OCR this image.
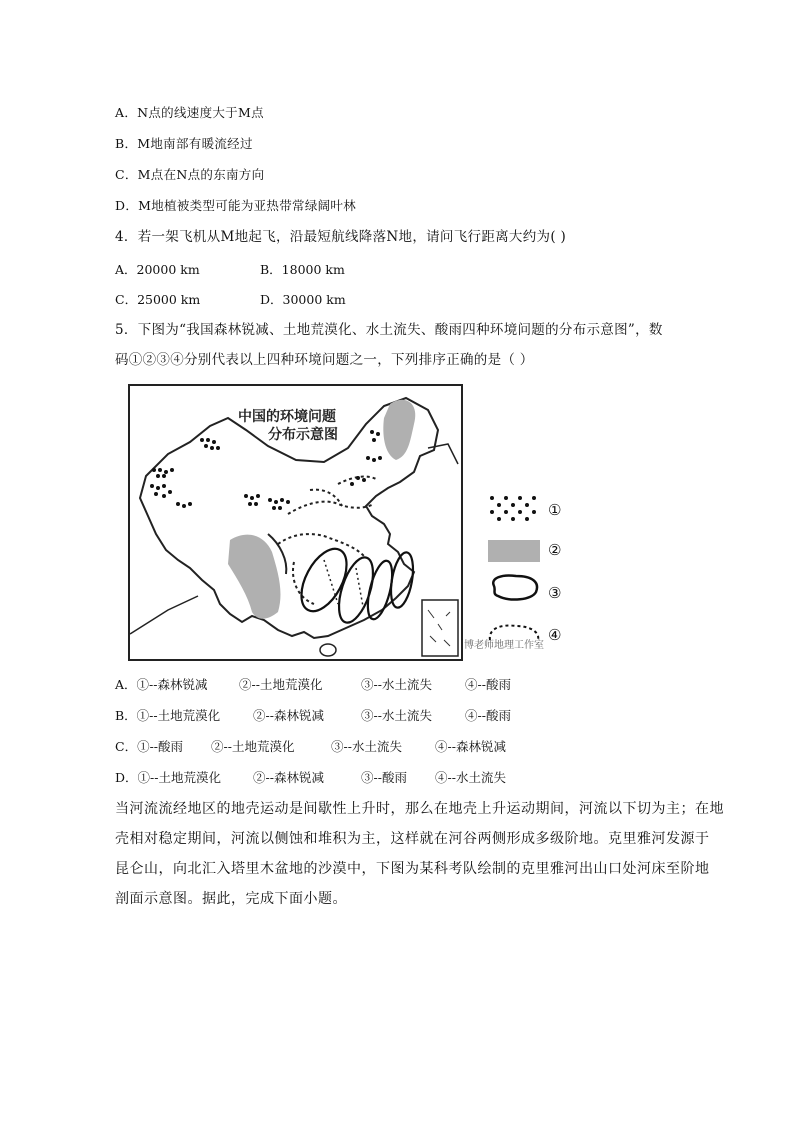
A．N点的线速度大于M点
B．M地南部有暖流经过
C．M点在N点的东南方向
D．M地植被类型可能为亚热带常绿阔叶林
4．若一架飞机从M地起飞，沿最短航线降落N地，请问飞行距离大约为( )
A．20000 km	B．18000 km
C．25000 km	D．30000 km
5．下图为“我国森林锐减、土地荒漠化、水土流失、酸雨四种环境问题的分布示意图”，数
码①②③④分别代表以上四种环境问题之一，下列排序正确的是（ ）
中国的环境问题
分布示意图
博老师地理工作室
①
②
③
④
A．①--森林锐减	②--土地荒漠化	③--水土流失	④--酸雨
B．①--土地荒漠化	②--森林锐减	③--水土流失	④--酸雨
C．①--酸雨 ②--土地荒漠化	③--水土流失	④--森林锐减
D．①--土地荒漠化	②--森林锐减	③--酸雨 ④--水土流失
当河流流经地区的地壳运动是间歇性上升时，那么在地壳上升运动期间，河流以下切为主；在地
壳相对稳定期间，河流以侧蚀和堆积为主，这样就在河谷两侧形成多级阶地。克里雅河发源于
昆仑山，向北汇入塔里木盆地的沙漠中，下图为某科考队绘制的克里雅河出山口处河床至阶地
剖面示意图。据此，完成下面小题。
